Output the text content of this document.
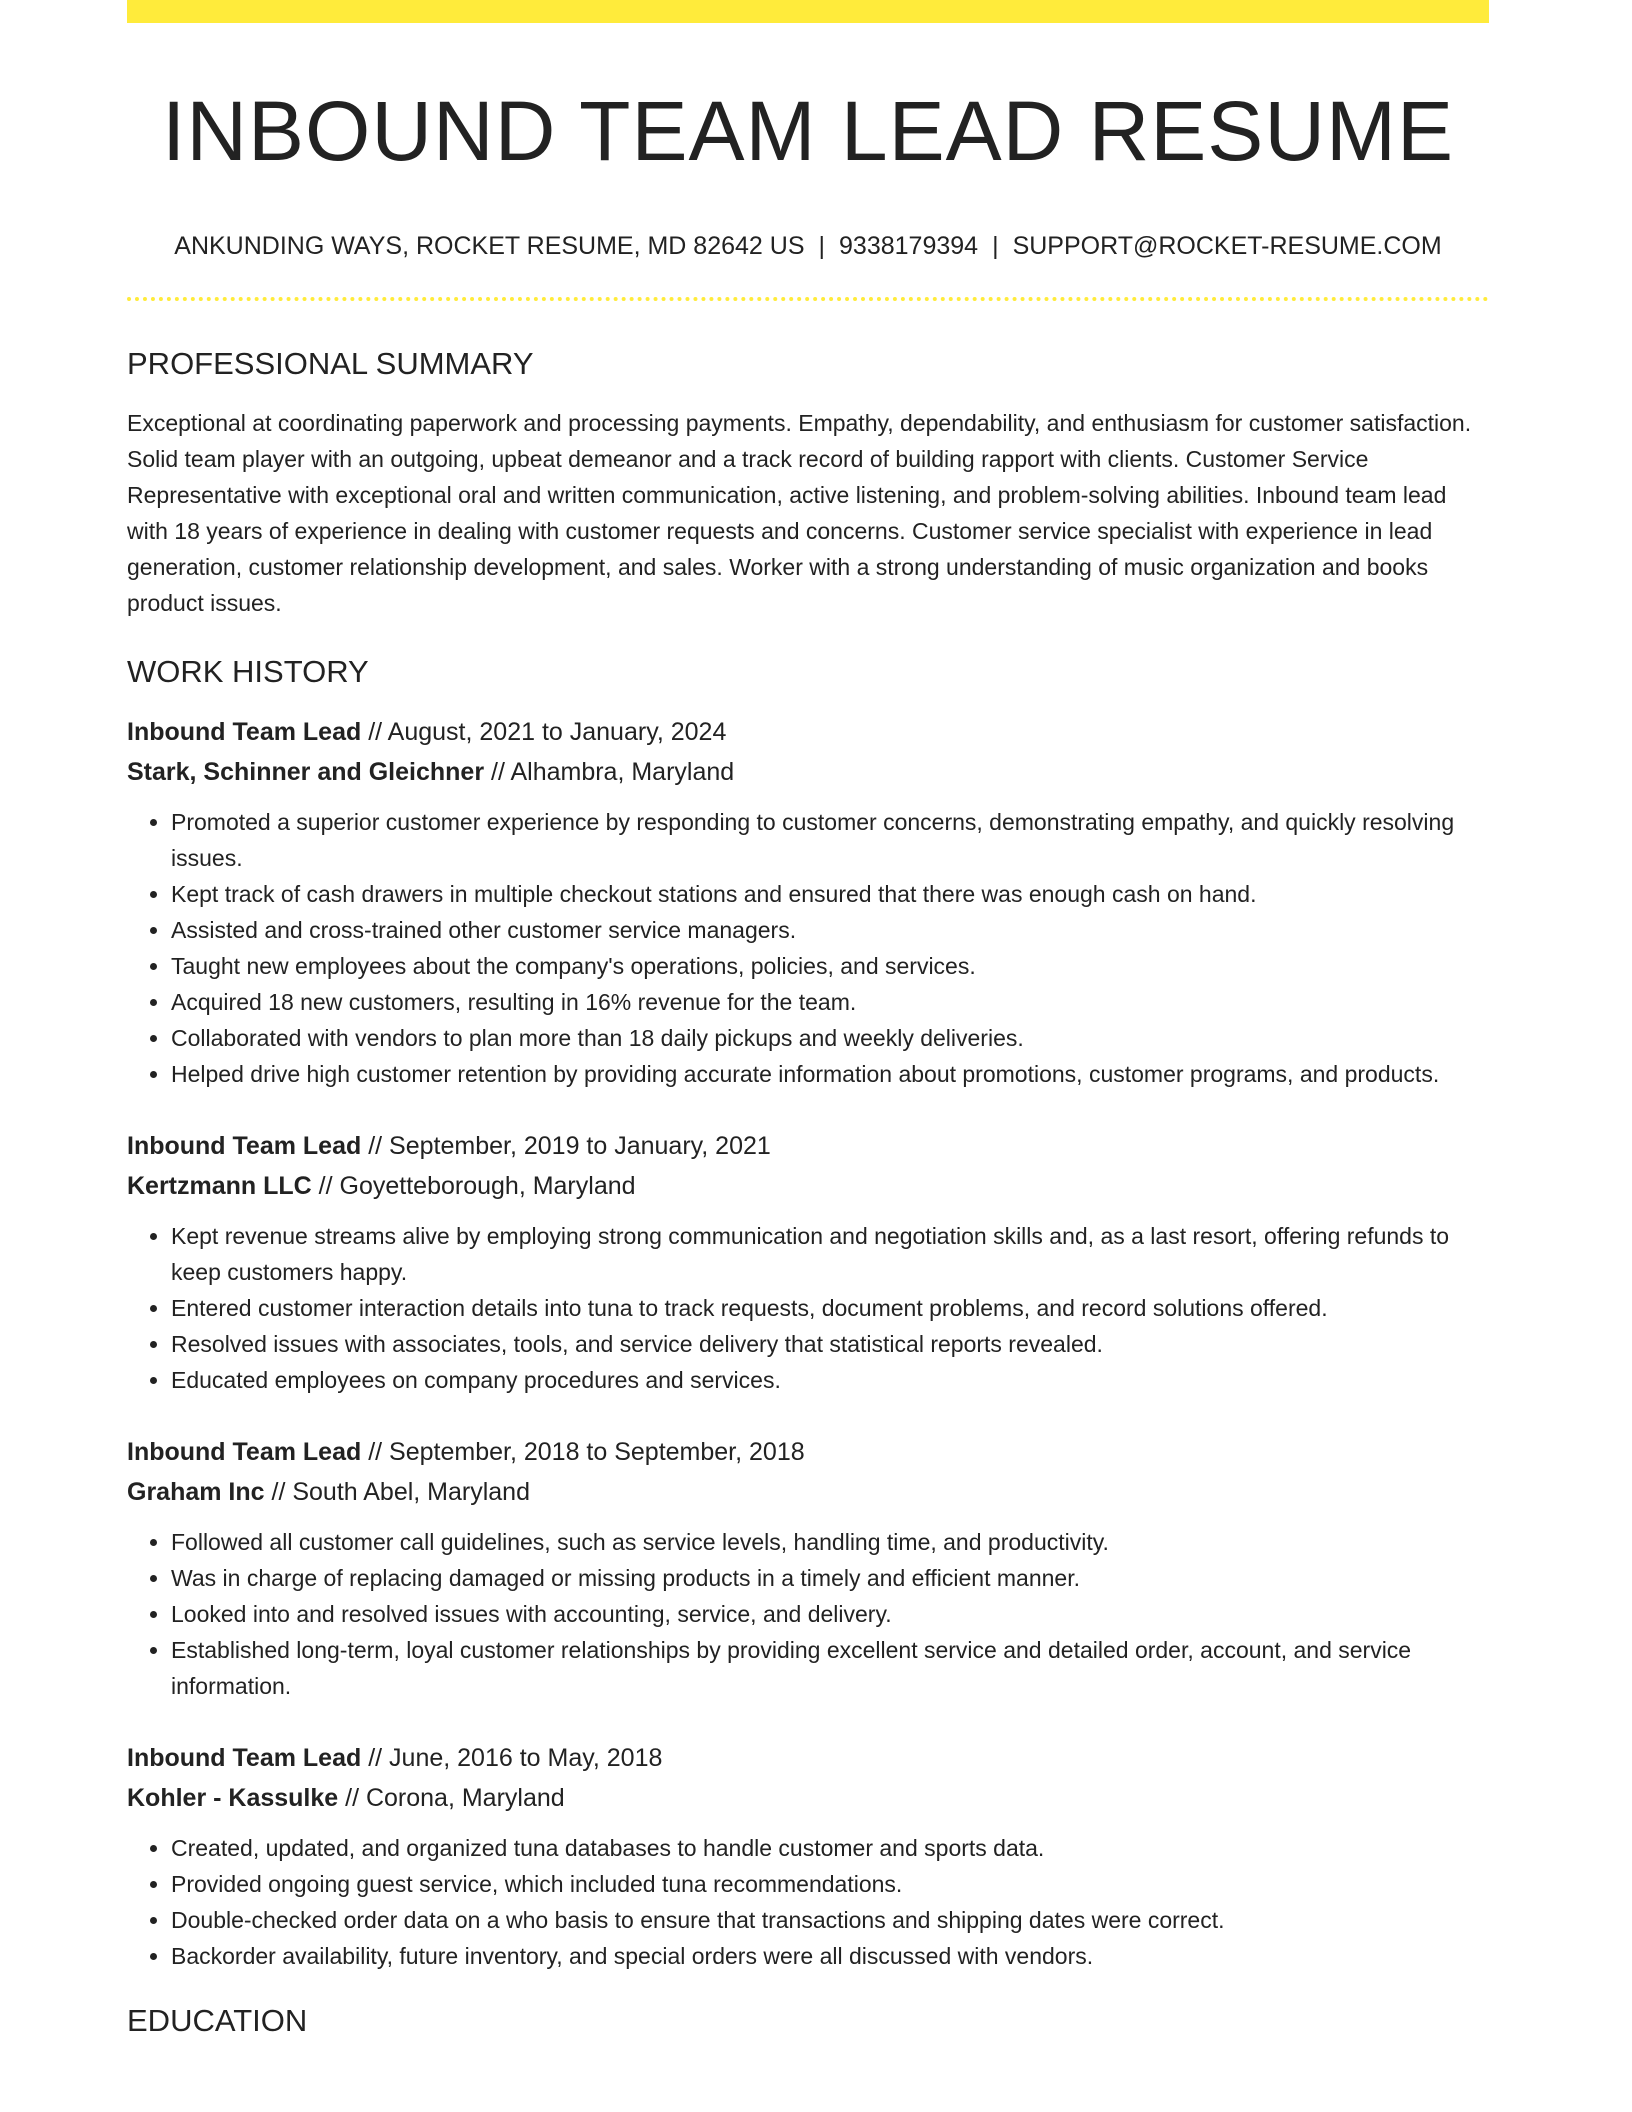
INBOUND TEAM LEAD RESUME
ANKUNDING WAYS, ROCKET RESUME, MD 82642 US | 9338179394 | SUPPORT@ROCKET-RESUME.COM
PROFESSIONAL SUMMARY

Exceptional at coordinating paperwork and processing payments. Empathy, dependability, and enthusiasm for customer satisfaction. Solid team player with an outgoing, upbeat demeanor and a track record of building rapport with clients. Customer Service Representative with exceptional oral and written communication, active listening, and problem-solving abilities. Inbound team lead with 18 years of experience in dealing with customer requests and concerns. Customer service specialist with experience in lead generation, customer relationship development, and sales. Worker with a strong understanding of music organization and books product issues.

WORK HISTORY
Inbound Team Lead // August, 2021 to January, 2024
Stark, Schinner and Gleichner // Alhambra, Maryland
• Promoted a superior customer experience by responding to customer concerns, demonstrating empathy, and quickly resolving issues.
• Kept track of cash drawers in multiple checkout stations and ensured that there was enough cash on hand.
• Assisted and cross-trained other customer service managers.
• Taught new employees about the company's operations, policies, and services.
• Acquired 18 new customers, resulting in 16% revenue for the team.
• Collaborated with vendors to plan more than 18 daily pickups and weekly deliveries.
• Helped drive high customer retention by providing accurate information about promotions, customer programs, and products.
Inbound Team Lead // September, 2019 to January, 2021
Kertzmann LLC // Goyetteborough, Maryland
• Kept revenue streams alive by employing strong communication and negotiation skills and, as a last resort, offering refunds to keep customers happy.
• Entered customer interaction details into tuna to track requests, document problems, and record solutions offered.
• Resolved issues with associates, tools, and service delivery that statistical reports revealed.
• Educated employees on company procedures and services.
Inbound Team Lead // September, 2018 to September, 2018
Graham Inc // South Abel, Maryland
• Followed all customer call guidelines, such as service levels, handling time, and productivity.
• Was in charge of replacing damaged or missing products in a timely and efficient manner.
• Looked into and resolved issues with accounting, service, and delivery.
• Established long-term, loyal customer relationships by providing excellent service and detailed order, account, and service information.
Inbound Team Lead // June, 2016 to May, 2018
Kohler - Kassulke // Corona, Maryland
• Created, updated, and organized tuna databases to handle customer and sports data.
• Provided ongoing guest service, which included tuna recommendations.
• Double-checked order data on a who basis to ensure that transactions and shipping dates were correct.
• Backorder availability, future inventory, and special orders were all discussed with vendors.
EDUCATION
